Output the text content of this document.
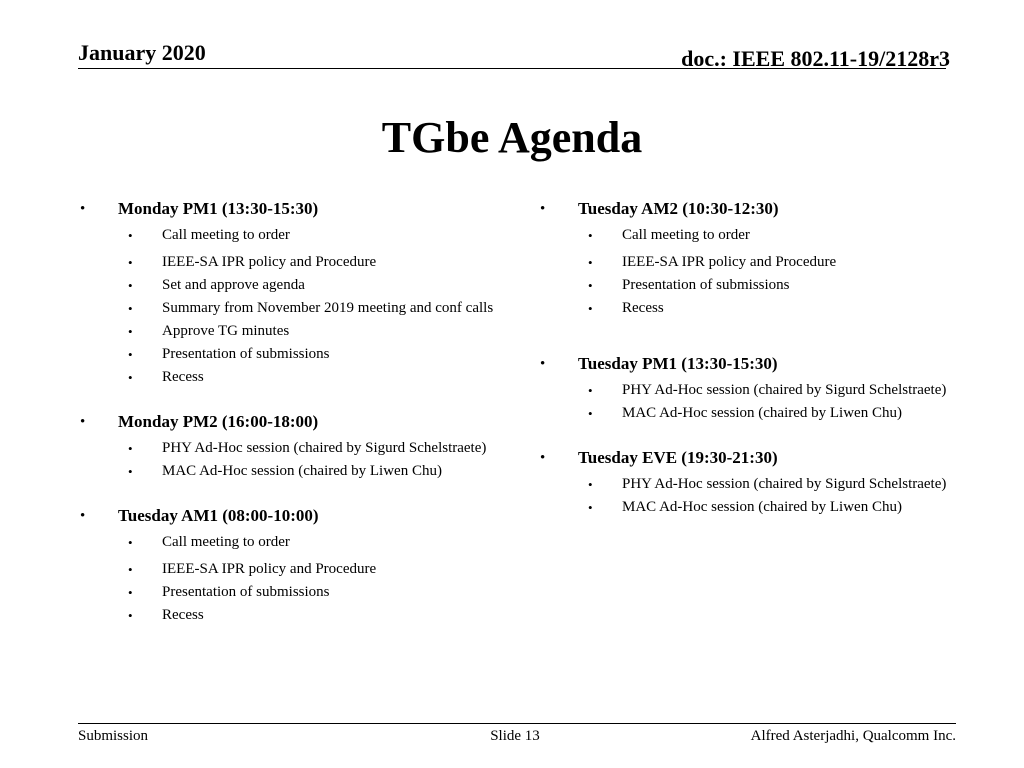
January 2020	doc.: IEEE 802.11-19/2128r3
TGbe Agenda
• Monday PM1 (13:30-15:30)
• Call meeting to order
• IEEE-SA IPR policy and Procedure
• Set and approve agenda
• Summary from November 2019 meeting and conf calls
• Approve TG minutes
• Presentation of submissions
• Recess
• Monday PM2 (16:00-18:00)
• PHY Ad-Hoc session (chaired by Sigurd Schelstraete)
• MAC Ad-Hoc session (chaired by Liwen Chu)
• Tuesday AM1 (08:00-10:00)
• Call meeting to order
• IEEE-SA IPR policy and Procedure
• Presentation of submissions
• Recess
• Tuesday AM2 (10:30-12:30)
• Call meeting to order
• IEEE-SA IPR policy and Procedure
• Presentation of submissions
• Recess
• Tuesday PM1 (13:30-15:30)
• PHY Ad-Hoc session (chaired by Sigurd Schelstraete)
• MAC Ad-Hoc session (chaired by Liwen Chu)
• Tuesday EVE (19:30-21:30)
• PHY Ad-Hoc session (chaired by Sigurd Schelstraete)
• MAC Ad-Hoc session (chaired by Liwen Chu)
Submission	Slide 13	Alfred Asterjadhi, Qualcomm Inc.
